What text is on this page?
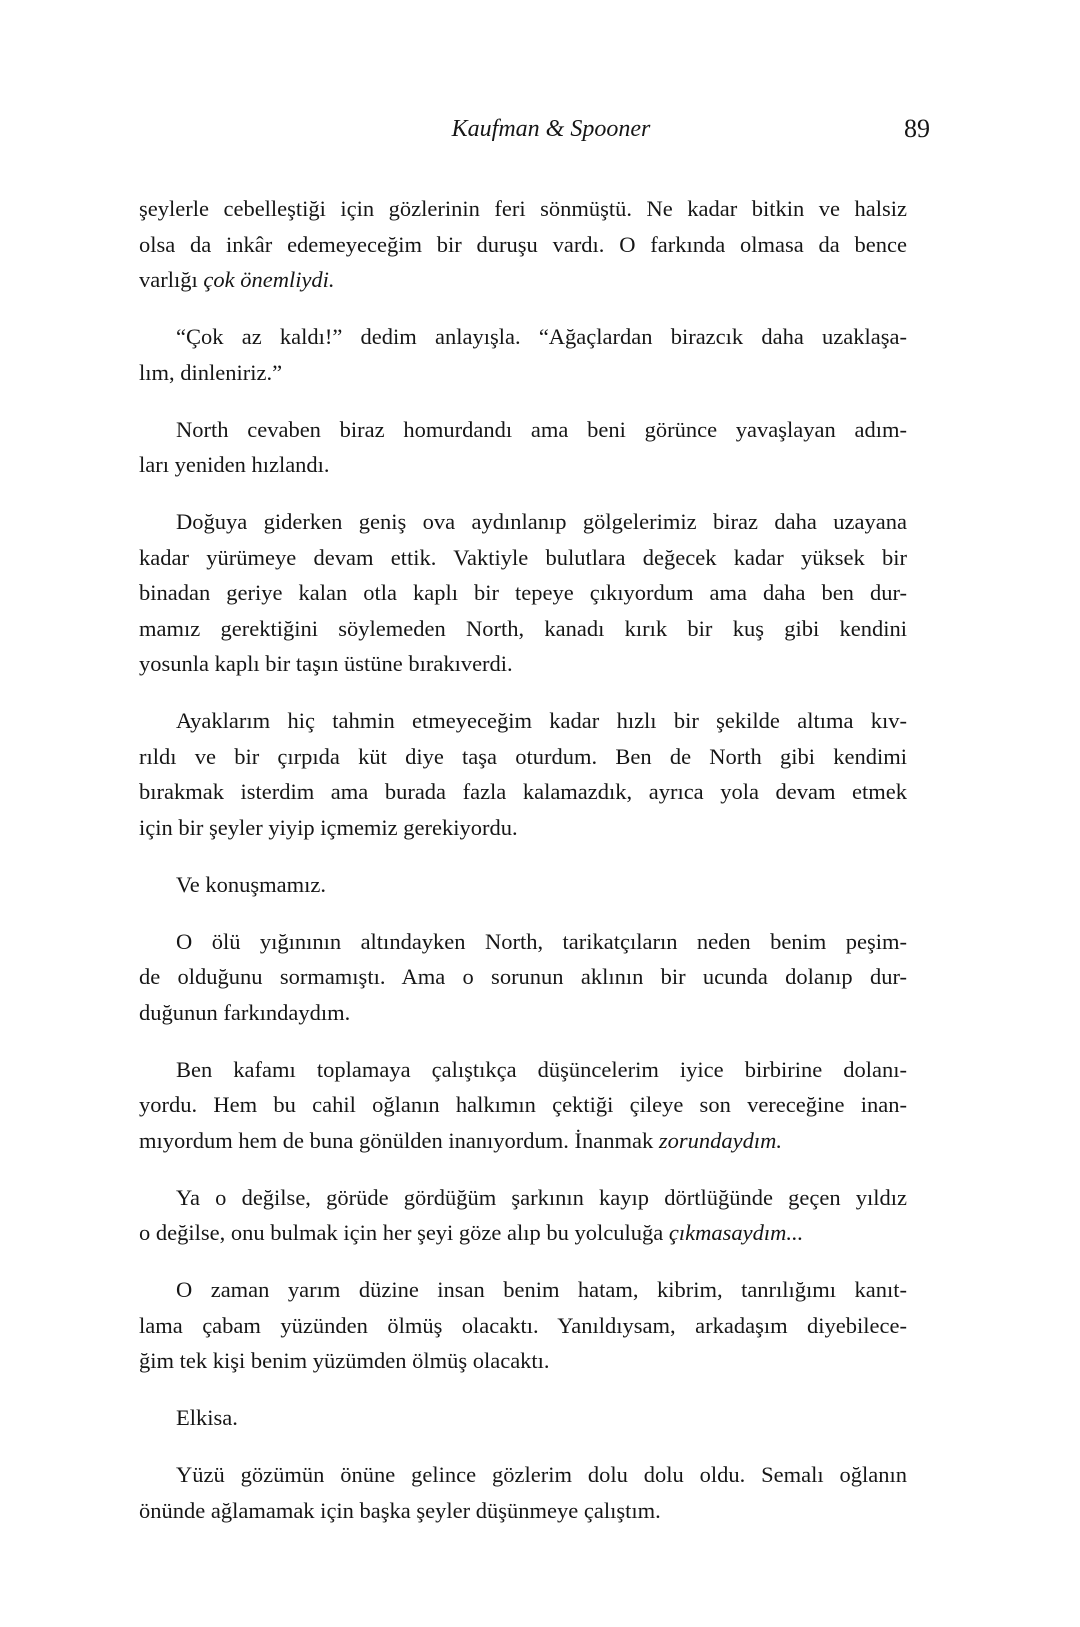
Kaufman & Spooner	89

şeylerle cebelleştiği için gözlerinin feri sönmüştü. Ne kadar bitkin ve halsiz
olsa da inkâr edemeyeceğim bir duruşu vardı. O farkında olmasa da bence
varlığı çok önemliydi.

“Çok az kaldı!” dedim anlayışla. “Ağaçlardan birazcık daha uzaklaşa-
lım, dinleniriz.”

North cevaben biraz homurdandı ama beni görünce yavaşlayan adım-
ları yeniden hızlandı.

Doğuya giderken geniş ova aydınlanıp gölgelerimiz biraz daha uzayana
kadar yürümeye devam ettik. Vaktiyle bulutlara değecek kadar yüksek bir
binadan geriye kalan otla kaplı bir tepeye çıkıyordum ama daha ben dur-
mamız gerektiğini söylemeden North, kanadı kırık bir kuş gibi kendini
yosunla kaplı bir taşın üstüne bırakıverdi.

Ayaklarım hiç tahmin etmeyeceğim kadar hızlı bir şekilde altıma kıv-
rıldı ve bir çırpıda küt diye taşa oturdum. Ben de North gibi kendimi
bırakmak isterdim ama burada fazla kalamazdık, ayrıca yola devam etmek
için bir şeyler yiyip içmemiz gerekiyordu.

Ve konuşmamız.

O ölü yığınının altındayken North, tarikatçıların neden benim peşim-
de olduğunu sormamıştı. Ama o sorunun aklının bir ucunda dolanıp dur-
duğunun farkındaydım.

Ben kafamı toplamaya çalıştıkça düşüncelerim iyice birbirine dolanı-
yordu. Hem bu cahil oğlanın halkımın çektiği çileye son vereceğine inan-
mıyordum hem de buna gönülden inanıyordum. İnanmak zorundaydım.

Ya o değilse, görüde gördüğüm şarkının kayıp dörtlüğünde geçen yıldız
o değilse, onu bulmak için her şeyi göze alıp bu yolculuğa çıkmasaydım...

O zaman yarım düzine insan benim hatam, kibrim, tanrılığımı kanıt-
lama çabam yüzünden ölmüş olacaktı. Yanıldıysam, arkadaşım diyebilece-
ğim tek kişi benim yüzümden ölmüş olacaktı.

Elkisa.

Yüzü gözümün önüne gelince gözlerim dolu dolu oldu. Semalı oğlanın
önünde ağlamamak için başka şeyler düşünmeye çalıştım.
